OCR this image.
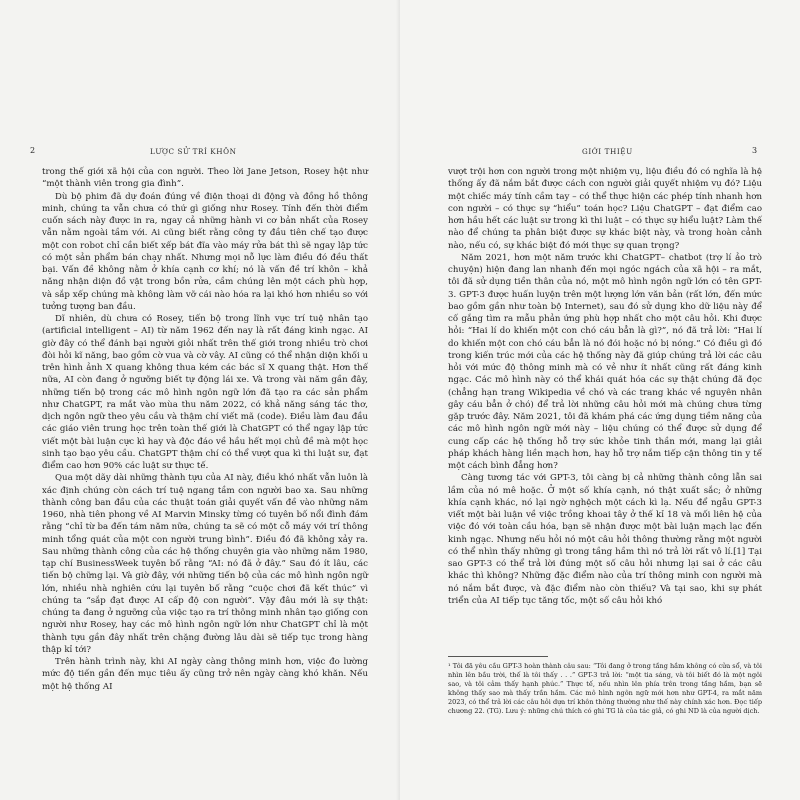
2	LƯỢC SỬ TRÍ KHÔN

trong thế giới xã hội của con người. Theo lời Jane Jetson, Rosey hệt như “một thành viên trong gia đình”.

Dù bộ phim đã dự đoán đúng về điện thoại di động và đồng hồ thông minh, chúng ta vẫn chưa có thứ gì giống như Rosey. Tính đến thời điểm cuốn sách này được in ra, ngay cả những hành vi cơ bản nhất của Rosey vẫn nằm ngoài tầm với. Ai cũng biết rằng công ty đầu tiên chế tạo được một con robot chỉ cần biết xếp bát đĩa vào máy rửa bát thì sẽ ngay lập tức có một sản phẩm bán chạy nhất. Nhưng mọi nỗ lực làm điều đó đều thất bại. Vấn đề không nằm ở khía cạnh cơ khí; nó là vấn đề trí khôn – khả năng nhận diện đồ vật trong bồn rửa, cầm chúng lên một cách phù hợp, và sắp xếp chúng mà không làm vỡ cái nào hóa ra lại khó hơn nhiều so với tưởng tượng ban đầu.

Dĩ nhiên, dù chưa có Rosey, tiến bộ trong lĩnh vực trí tuệ nhân tạo (artificial intelligent – AI) từ năm 1962 đến nay là rất đáng kinh ngạc. AI giờ đây có thể đánh bại người giỏi nhất trên thế giới trong nhiều trò chơi đòi hỏi kĩ năng, bao gồm cờ vua và cờ vây. AI cũng có thể nhận diện khối u trên hình ảnh X quang không thua kém các bác sĩ X quang thật. Hơn thế nữa, AI còn đang ở ngưỡng biết tự động lái xe. Và trong vài năm gần đây, những tiến bộ trong các mô hình ngôn ngữ lớn đã tạo ra các sản phẩm như ChatGPT, ra mắt vào mùa thu năm 2022, có khả năng sáng tác thơ, dịch ngôn ngữ theo yêu cầu và thậm chí viết mã (code). Điều làm đau đầu các giáo viên trung học trên toàn thế giới là ChatGPT có thể ngay lập tức viết một bài luận cực kì hay và độc đáo về hầu hết mọi chủ đề mà một học sinh tạo bạo yêu cầu. ChatGPT thậm chí có thể vượt qua kì thi luật sư, đạt điểm cao hơn 90% các luật sư thực tế.

Qua một dãy dài những thành tựu của AI này, điều khó nhất vẫn luôn là xác định chúng còn cách trí tuệ ngang tầm con người bao xa. Sau những thành công ban đầu của các thuật toán giải quyết vấn đề vào những năm 1960, nhà tiên phong về AI Marvin Minsky từng có tuyên bố nổi đình đám rằng “chỉ từ ba đến tám năm nữa, chúng ta sẽ có một cỗ máy với trí thông minh tổng quát của một con người trung bình”. Điều đó đã không xảy ra. Sau những thành công của các hệ thống chuyên gia vào những năm 1980, tạp chí BusinessWeek tuyên bố rằng “AI: nó đã ở đây.” Sau đó ít lâu, các tiến bộ chững lại. Và giờ đây, với những tiến bộ của các mô hình ngôn ngữ lớn, nhiều nhà nghiên cứu lại tuyên bố rằng “cuộc chơi đã kết thúc” vì chúng ta “sắp đạt được AI cấp độ con người”. Vậy đâu mới là sự thật: chúng ta đang ở ngưỡng của việc tạo ra trí thông minh nhân tạo giống con người như Rosey, hay các mô hình ngôn ngữ lớn như ChatGPT chỉ là một thành tựu gần đây nhất trên chặng đường lâu dài sẽ tiếp tục trong hàng thập kỉ tới?

Trên hành trình này, khi AI ngày càng thông minh hơn, việc đo lường mức độ tiến gần đến mục tiêu ấy cũng trở nên ngày càng khó khăn. Nếu một hệ thống AI

GIỚI THIỆU	3

vượt trội hơn con người trong một nhiệm vụ, liệu điều đó có nghĩa là hệ thống ấy đã nắm bắt được cách con người giải quyết nhiệm vụ đó? Liệu một chiếc máy tính cầm tay – có thể thực hiện các phép tính nhanh hơn con người – có thực sự “hiểu” toán học? Liệu ChatGPT – đạt điểm cao hơn hầu hết các luật sư trong kì thi luật – có thực sự hiểu luật? Làm thế nào để chúng ta phân biệt được sự khác biệt này, và trong hoàn cảnh nào, nếu có, sự khác biệt đó mới thực sự quan trọng?

Năm 2021, hơn một năm trước khi ChatGPT– chatbot (trợ lí ảo trò chuyện) hiện đang lan nhanh đến mọi ngóc ngách của xã hội – ra mắt, tôi đã sử dụng tiền thân của nó, một mô hình ngôn ngữ lớn có tên GPT-3. GPT-3 được huấn luyện trên một lượng lớn văn bản (rất lớn, đến mức bao gồm gần như toàn bộ Internet), sau đó sử dụng kho dữ liệu này để cố gắng tìm ra mẫu phản ứng phù hợp nhất cho một câu hỏi. Khi được hỏi: “Hai lí do khiến một con chó cáu bẳn là gì?”, nó đã trả lời: “Hai lí do khiến một con chó cáu bẳn là nó đói hoặc nó bị nóng.” Có điều gì đó trong kiến trúc mới của các hệ thống này đã giúp chúng trả lời các câu hỏi với mức độ thông minh mà có vẻ như ít nhất cũng rất đáng kinh ngạc. Các mô hình này có thể khái quát hóa các sự thật chúng đã đọc (chẳng hạn trang Wikipedia về chó và các trang khác về nguyên nhân gây cáu bẳn ở chó) để trả lời những câu hỏi mới mà chúng chưa từng gặp trước đây. Năm 2021, tôi đã khám phá các ứng dụng tiềm năng của các mô hình ngôn ngữ mới này – liệu chúng có thể được sử dụng để cung cấp các hệ thống hỗ trợ sức khỏe tinh thần mới, mang lại giải pháp khách hàng liền mạch hơn, hay hỗ trợ nắm tiếp cận thông tin y tế một cách bình đẳng hơn?

Càng tương tác với GPT-3, tôi càng bị cả những thành công lẫn sai lầm của nó mê hoặc. Ở một số khía cạnh, nó thật xuất sắc; ở những khía cạnh khác, nó lại ngờ nghệch một cách kì lạ. Nếu để ngẫu GPT-3 viết một bài luận về việc trồng khoai tây ở thế kỉ 18 và mối liên hệ của việc đó với toàn cầu hóa, bạn sẽ nhận được một bài luận mạch lạc đến kinh ngạc. Nhưng nếu hỏi nó một câu hỏi thông thường rằng một người có thể nhìn thấy những gì trong tầng hầm thì nó trả lời rất vô lí.[1] Tại sao GPT-3 có thể trả lời đúng một số câu hỏi nhưng lại sai ở các câu khác thì không? Những đặc điểm nào của trí thông minh con người mà nó nắm bắt được, và đặc điểm nào còn thiếu? Và tại sao, khi sự phát triển của AI tiếp tục tăng tốc, một số câu hỏi khó

¹ Tôi đã yêu cầu GPT-3 hoàn thành câu sau: “Tôi đang ở trong tầng hầm không có cửa sổ, và tôi nhìn lên bầu trời, thế là tôi thấy . . .” GPT-3 trả lời: “một tia sáng, và tôi biết đó là một ngôi sao, và tôi cảm thấy hạnh phúc.” Thực tế, nếu nhìn lên phía trên trong tầng hầm, bạn sẽ không thấy sao mà thấy trần hầm. Các mô hình ngôn ngữ mới hơn như GPT-4, ra mắt năm 2023, có thể trả lời các câu hỏi dựa trí khôn thông thường như thế này chính xác hơn. Đọc tiếp chương 22. (TG). Lưu ý: những chú thích có ghi TG là của tác giả, có ghi ND là của người dịch.
